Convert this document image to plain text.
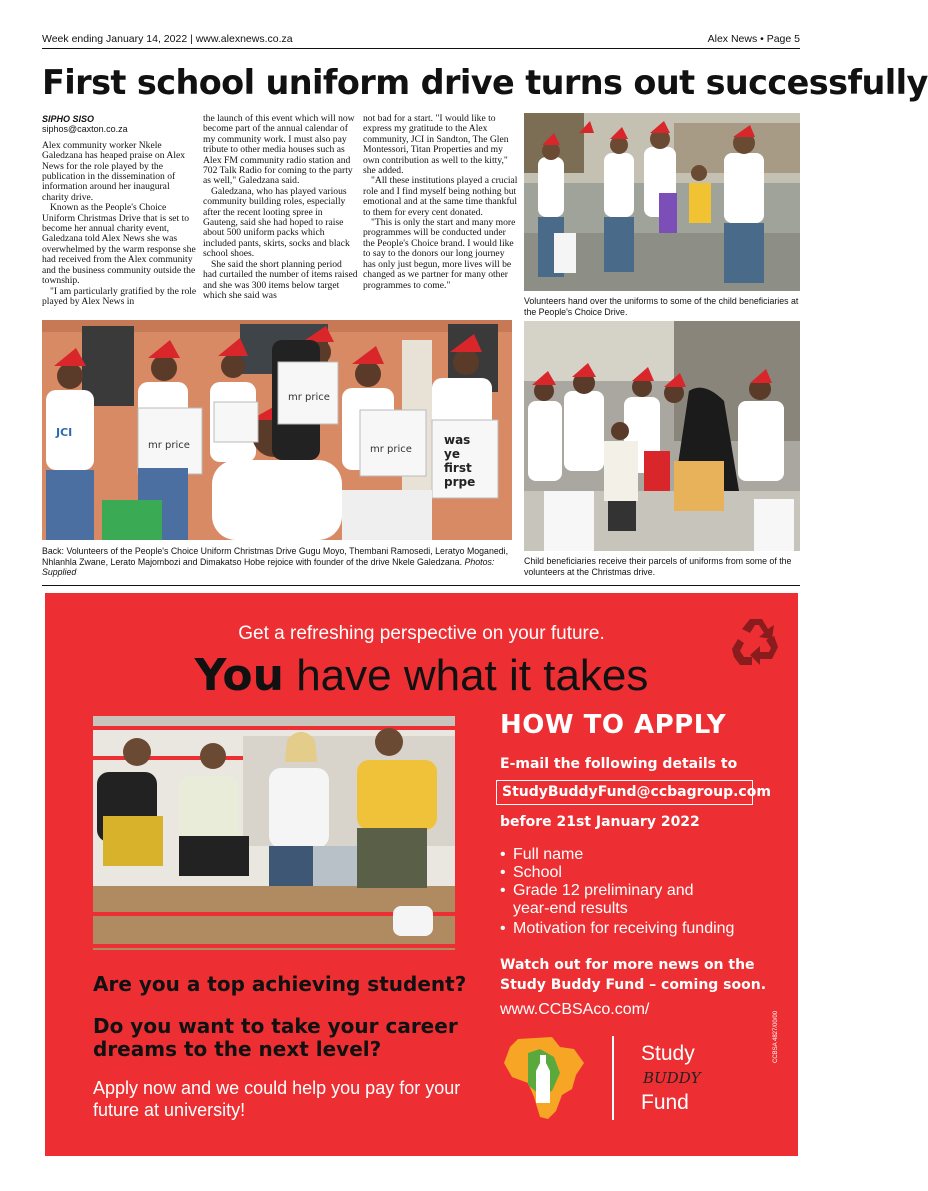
Week ending January 14, 2022 | www.alexnews.co.za	Alex News • Page 5
First school uniform drive turns out successfully

SIPHO SISO

siphos@caxton.co.za

Alex community worker Nkele Galedzana has heaped praise on Alex News for the role played by the publication in the dissemination of information around her inaugural charity drive.

Known as the People's Choice Uniform Christmas Drive that is set to become her annual charity event, Galedzana told Alex News she was overwhelmed by the warm response she had received from the Alex community and the business community outside the township.

"I am particularly gratified by the role played by Alex News in

the launch of this event which will now become part of the annual calendar of my community work. I must also pay tribute to other media houses such as Alex FM community radio station and 702 Talk Radio for coming to the party as well," Galedzana said.

Galedzana, who has played various community building roles, especially after the recent looting spree in Gauteng, said she had hoped to raise about 500 uniform packs which included pants, skirts, socks and black school shoes.

She said the short planning period had curtailed the number of items raised and she was 300 items below target which she said was

not bad for a start. "I would like to express my gratitude to the Alex community, JCI in Sandton, The Glen Montessori, Titan Properties and my own contribution as well to the kitty," she added.

"All these institutions played a crucial role and I find myself being nothing but emotional and at the same time thankful to them for every cent donated.

"This is only the start and many more programmes will be conducted under the People's Choice brand. I would like to say to the donors our long journey has only just begun, more lives will be changed as we partner for many other programmes to come."

Volunteers hand over the uniforms to some of the child beneficiaries at the People's Choice Drive.
JCI
mr price
mr price
mr price
was
ye
first
prpe
Back: Volunteers of the People's Choice Uniform Christmas Drive Gugu Moyo, Thembani Ramosedi, Leratyo Moganedi, Nhlanhla Zwane, Lerato Majombozi and Dimakatso Hobe rejoice with founder of the drive Nkele Galedzana. Photos: Supplied
Child beneficiaries receive their parcels of uniforms from some of the volunteers at the Christmas drive.
Get a refreshing perspective on your future.
You have what it takes
HOW TO APPLY
E-mail the following details to
StudyBuddyFund@ccbagroup.com
before 21st January 2022
• Full name
• School
• Grade 12 preliminary and year-end results
• Motivation for receiving funding
Are you a top achieving student?
Do you want to take your career dreams to the next level?
Apply now and we could help you pay for your future at university!
Watch out for more news on the Study Buddy Fund – coming soon.
www.CCBSAco.com/
Study
BUDDY
Fund
CCBSA 4827/00/00
